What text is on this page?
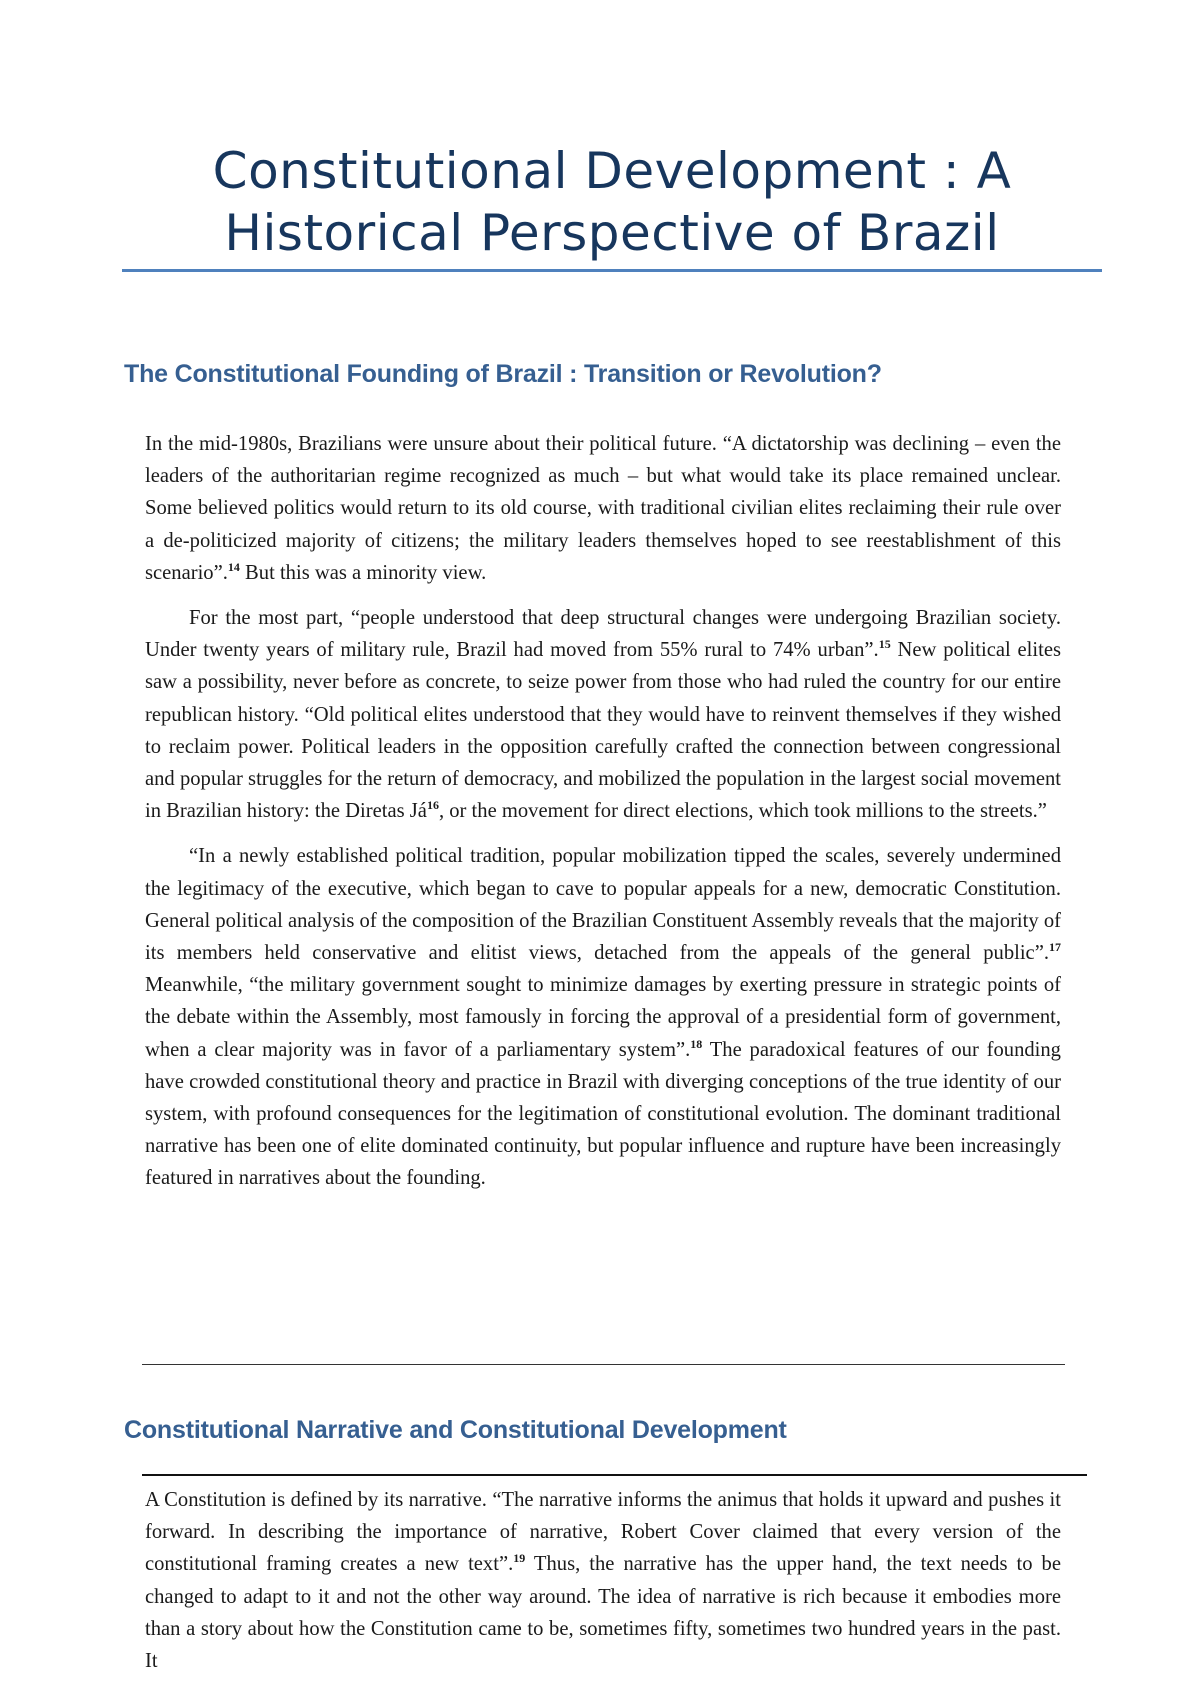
Constitutional Development : A
Historical Perspective of Brazil
The Constitutional Founding of Brazil : Transition or Revolution?

In the mid-1980s, Brazilians were unsure about their political future. “A dictatorship was declining – even the leaders of the authoritarian regime recognized as much – but what would take its place remained unclear. Some believed politics would return to its old course, with traditional civilian elites reclaiming their rule over a de-politicized majority of citizens; the military leaders themselves hoped to see reestablishment of this scenario”.$^{14}$ But this was a minority view.

For the most part, “people understood that deep structural changes were undergoing Brazilian society. Under twenty years of military rule, Brazil had moved from 55% rural to 74% urban”.$^{15}$ New political elites saw a possibility, never before as concrete, to seize power from those who had ruled the country for our entire republican history. “Old political elites understood that they would have to reinvent themselves if they wished to reclaim power. Political leaders in the opposition carefully crafted the connection between congressional and popular struggles for the return of democracy, and mobilized the population in the largest social movement in Brazilian history: the Diretas Já$^{16}$, or the movement for direct elections, which took millions to the streets.”

“In a newly established political tradition, popular mobilization tipped the scales, severely undermined the legitimacy of the executive, which began to cave to popular appeals for a new, democratic Constitution. General political analysis of the composition of the Brazilian Constituent Assembly reveals that the majority of its members held conservative and elitist views, detached from the appeals of the general public”.$^{17}$ Meanwhile, “the military government sought to minimize damages by exerting pressure in strategic points of the debate within the Assembly, most famously in forcing the approval of a presidential form of government, when a clear majority was in favor of a parliamentary system”.$^{18}$ The paradoxical features of our founding have crowded constitutional theory and practice in Brazil with diverging conceptions of the true identity of our system, with profound consequences for the legitimation of constitutional evolution. The dominant traditional narrative has been one of elite dominated continuity, but popular influence and rupture have been increasingly featured in narratives about the founding.

Constitutional Narrative and Constitutional Development

A Constitution is defined by its narrative. “The narrative informs the animus that holds it upward and pushes it forward. In describing the importance of narrative, Robert Cover claimed that every version of the constitutional framing creates a new text”.$^{19}$ Thus, the narrative has the upper hand, the text needs to be changed to adapt to it and not the other way around. The idea of narrative is rich because it embodies more than a story about how the Constitution came to be, sometimes fifty, sometimes two hundred years in the past. It
